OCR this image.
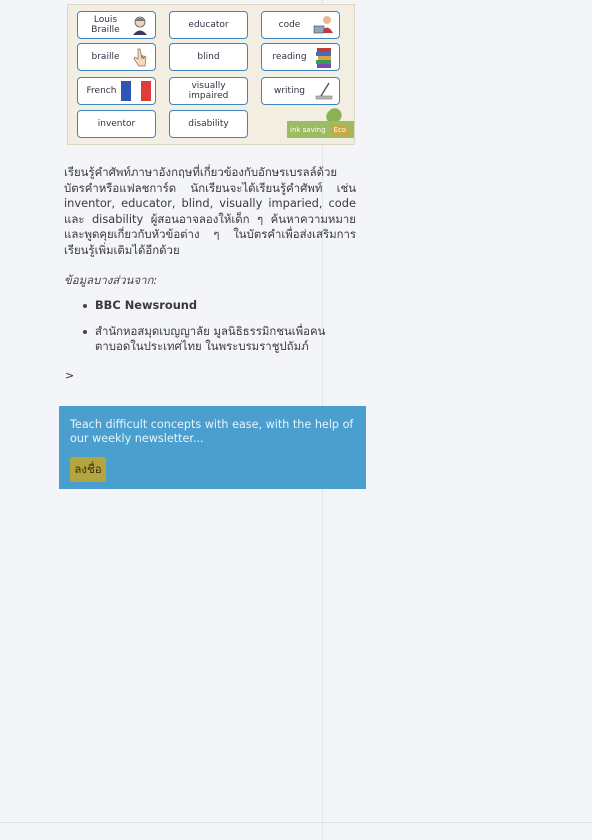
Louis Braille	educator	code
braille	blind	reading
French	visually impaired	writing
inventor	disability
ink saving	Eco
เรียนรู้คำศัพท์ภาษาอังกฤษที่เกี่ยวข้องกับอักษรเบรลล์ด้วยบัตรคำหรือแฟลชการ์ด นักเรียนจะได้เรียนรู้คำศัพท์ เช่น inventor, educator, blind, visually imparied, code และ disability ผู้สอนอาจลองให้เด็ก ๆ ค้นหาความหมายและพูดคุยเกี่ยวกับหัวข้อต่าง ๆ ในบัตรคำเพื่อส่งเสริมการเรียนรู้เพิ่มเติมได้อีกด้วย
ข้อมูลบางส่วนจาก:
BBC Newsround
สำนักหอสมุดเบญญาลัย มูลนิธิธรรมิกชนเพื่อคนตาบอดในประเทศไทย ในพระบรมราชูปถัมภ์
>
Teach difficult concepts with ease, with the help of our weekly newsletter...
ลงชื่อ
